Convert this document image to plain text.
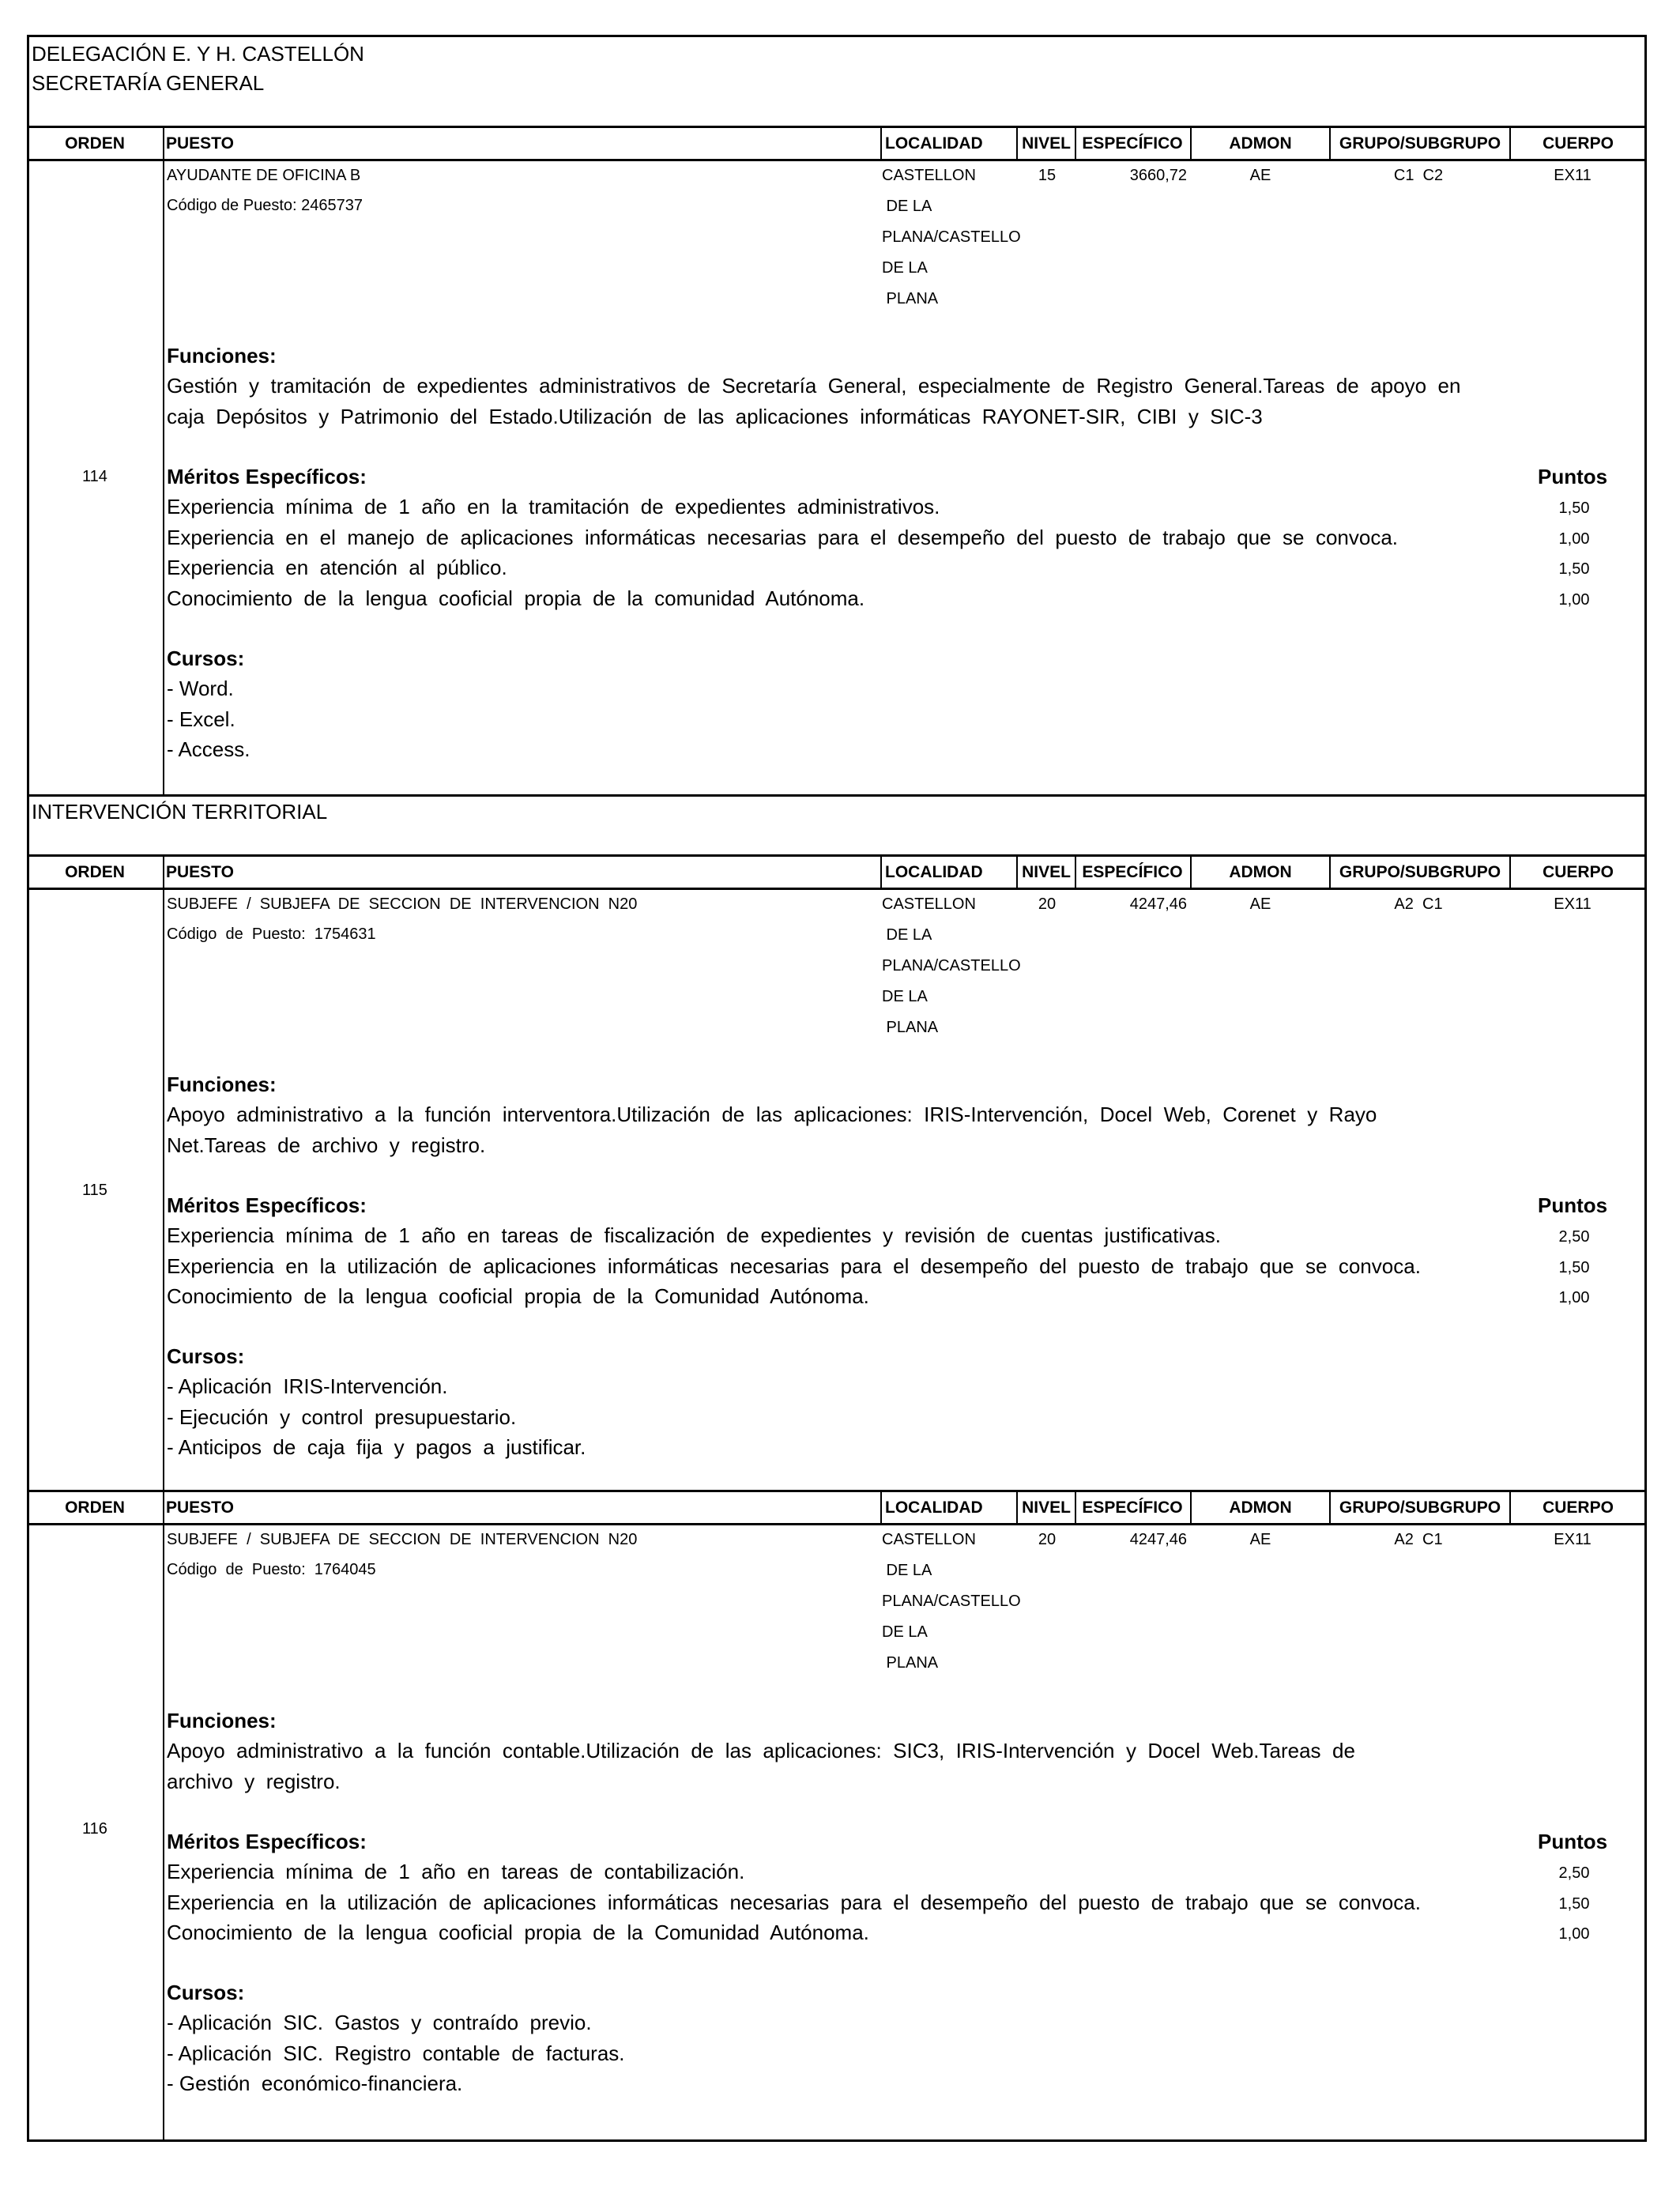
DELEGACIÓN E. Y H. CASTELLÓN
SECRETARÍA GENERAL
ORDEN	PUESTO	LOCALIDAD NIVEL ESPECÍFICO	ADMON	GRUPO/SUBGRUPO	CUERPO
114
AYUDANTE DE OFICINA B
Código de Puesto: 2465737
CASTELLON
DE LA
PLANA/CASTELLO
DE LA
PLANA
15	3660,72	AE	C1  C2	EX11
Funciones:
Gestión  y  tramitación  de  expedientes  administrativos  de  Secretaría  General,  especialmente  de  Registro  General.Tareas  de  apoyo  en
caja  Depósitos  y  Patrimonio  del  Estado.Utilización  de  las  aplicaciones  informáticas  RAYONET-SIR,  CIBI  y  SIC-3
Méritos Específicos:	Puntos
Experiencia  mínima  de  1  año  en  la  tramitación  de  expedientes  administrativos.	1,50
Experiencia  en  el  manejo  de  aplicaciones  informáticas  necesarias  para  el  desempeño  del  puesto  de  trabajo  que  se  convoca.	1,00
Experiencia  en  atención  al  público.	1,50
Conocimiento  de  la  lengua  cooficial  propia  de  la  comunidad  Autónoma.	1,00
Cursos:
- Word.
- Excel.
- Access.
INTERVENCIÓN TERRITORIAL
ORDEN	PUESTO	LOCALIDAD NIVEL ESPECÍFICO	ADMON	GRUPO/SUBGRUPO	CUERPO
115
SUBJEFE  /  SUBJEFA  DE  SECCION  DE  INTERVENCION  N20
Código  de  Puesto:  1754631
CASTELLON
DE LA
PLANA/CASTELLO
DE LA
PLANA
20	4247,46	AE	A2  C1	EX11
Funciones:
Apoyo  administrativo  a  la  función  interventora.Utilización  de  las  aplicaciones:  IRIS-Intervención,  Docel  Web,  Corenet  y  Rayo
Net.Tareas  de  archivo  y  registro.
Méritos Específicos:	Puntos
Experiencia  mínima  de  1  año  en  tareas  de  fiscalización  de  expedientes  y  revisión  de  cuentas  justificativas.	2,50
Experiencia  en  la  utilización  de  aplicaciones  informáticas  necesarias  para  el  desempeño  del  puesto  de  trabajo  que  se  convoca.	1,50
Conocimiento  de  la  lengua  cooficial  propia  de  la  Comunidad  Autónoma.	1,00
Cursos:
- Aplicación  IRIS-Intervención.
- Ejecución  y  control  presupuestario.
- Anticipos  de  caja  fija  y  pagos  a  justificar.
ORDEN	PUESTO	LOCALIDAD NIVEL ESPECÍFICO	ADMON	GRUPO/SUBGRUPO	CUERPO
116
SUBJEFE  /  SUBJEFA  DE  SECCION  DE  INTERVENCION  N20
Código  de  Puesto:  1764045
CASTELLON
DE LA
PLANA/CASTELLO
DE LA
PLANA
20	4247,46	AE	A2  C1	EX11
Funciones:
Apoyo  administrativo  a  la  función  contable.Utilización  de  las  aplicaciones:  SIC3,  IRIS-Intervención  y  Docel  Web.Tareas  de
archivo  y  registro.
Méritos Específicos:	Puntos
Experiencia  mínima  de  1  año  en  tareas  de  contabilización.	2,50
Experiencia  en  la  utilización  de  aplicaciones  informáticas  necesarias  para  el  desempeño  del  puesto  de  trabajo  que  se  convoca.	1,50
Conocimiento  de  la  lengua  cooficial  propia  de  la  Comunidad  Autónoma.	1,00
Cursos:
- Aplicación  SIC.  Gastos  y  contraído  previo.
- Aplicación  SIC.  Registro  contable  de  facturas.
- Gestión  económico-financiera.
